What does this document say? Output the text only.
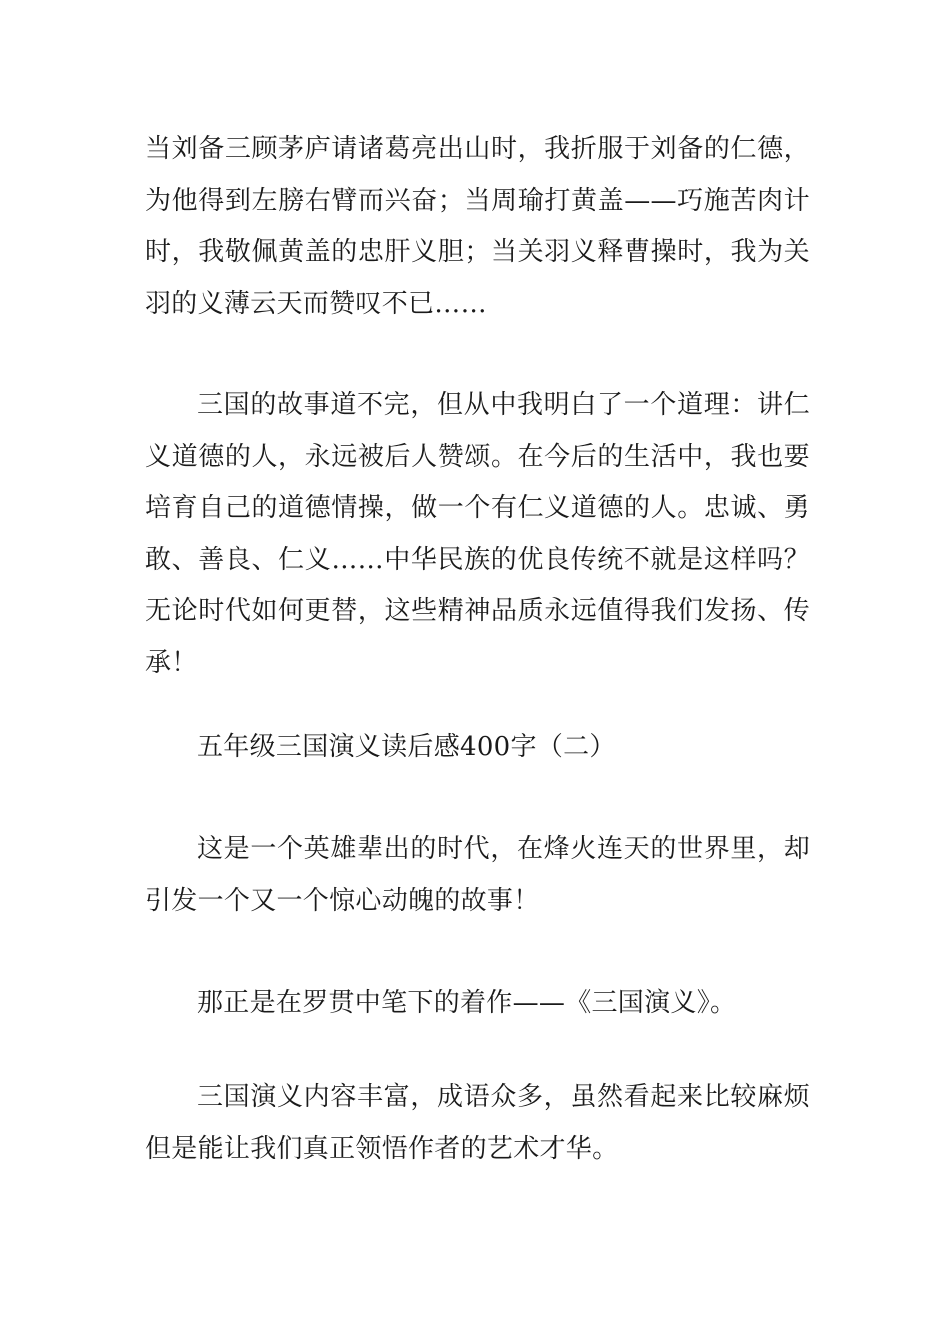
当刘备三顾茅庐请诸葛亮出山时，我折服于刘备的仁德，为他得到左膀右臂而兴奋；当周瑜打黄盖——巧施苦肉计时，我敬佩黄盖的忠肝义胆；当关羽义释曹操时，我为关羽的义薄云天而赞叹不已……

三国的故事道不完，但从中我明白了一个道理：讲仁义道德的人，永远被后人赞颂。在今后的生活中，我也要培育自己的道德情操，做一个有仁义道德的人。忠诚、勇敢、善良、仁义……中华民族的优良传统不就是这样吗？无论时代如何更替，这些精神品质永远值得我们发扬、传承！

五年级三国演义读后感400字（二）

这是一个英雄辈出的时代，在烽火连天的世界里，却引发一个又一个惊心动魄的故事！

那正是在罗贯中笔下的着作——《三国演义》。

三国演义内容丰富，成语众多，虽然看起来比较麻烦但是能让我们真正领悟作者的艺术才华。
